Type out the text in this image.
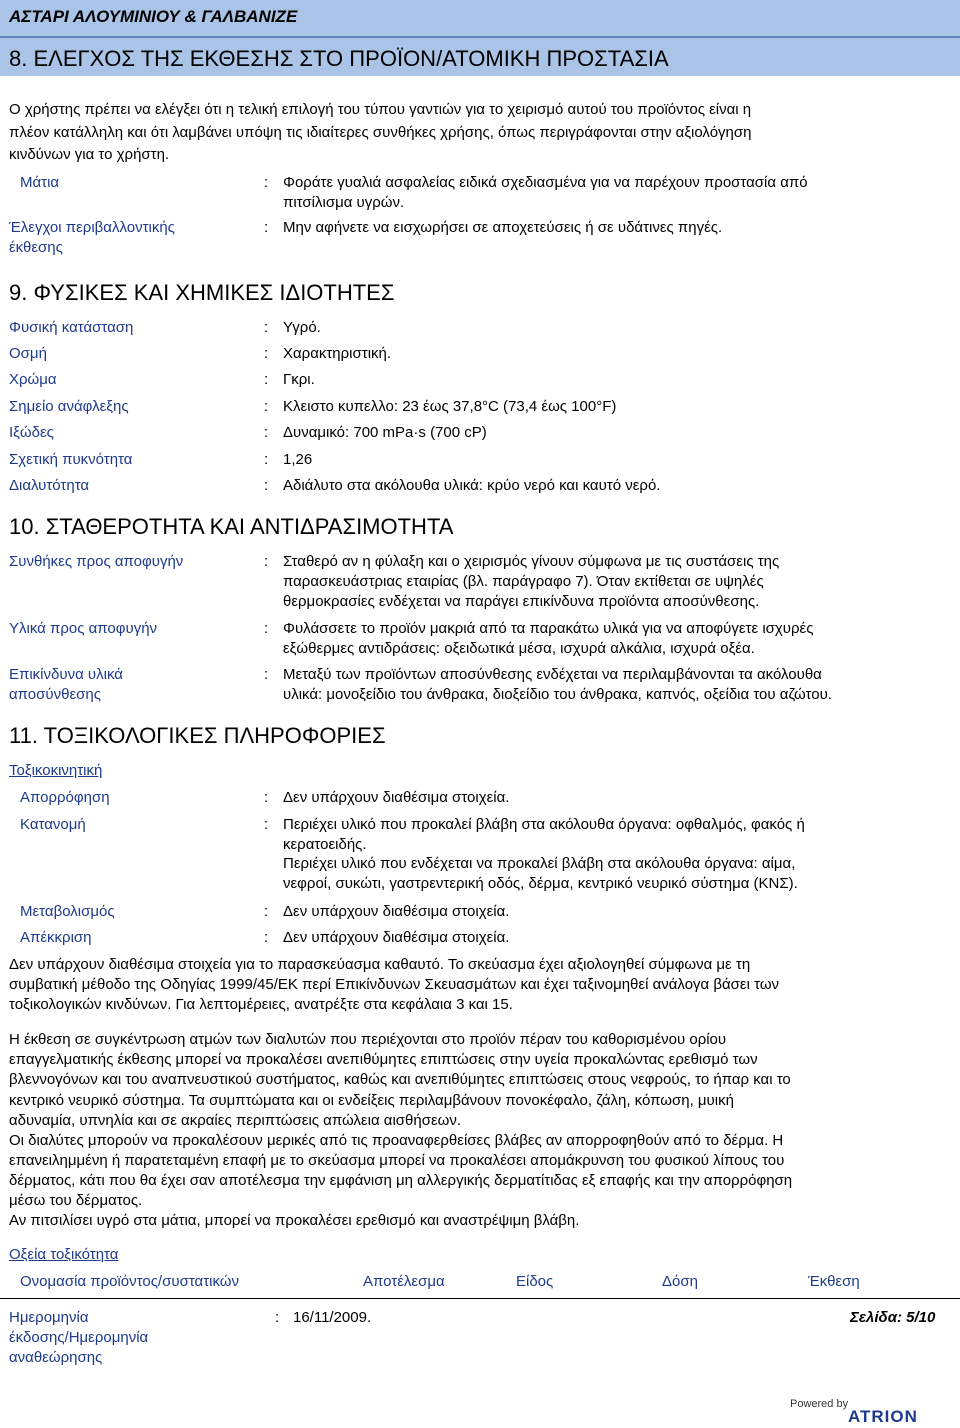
ΑΣΤΑΡΙ ΑΛΟΥΜΙΝΙΟΥ & ΓΑΛΒΑΝΙΖΕ
8. ΕΛΕΓΧΟΣ ΤΗΣ ΕΚΘΕΣΗΣ ΣΤΟ ΠΡΟΪΟΝ/ΑΤΟΜΙΚΗ ΠΡΟΣΤΑΣΙΑ
Ο χρήστης πρέπει να ελέγξει ότι η τελική επιλογή του τύπου γαντιών για το χειρισμό αυτού του προϊόντος είναι η
πλέον κατάλληλη και ότι λαμβάνει υπόψη τις ιδιαίτερες συνθήκες χρήσης, όπως περιγράφονται στην αξιολόγηση
κινδύνων για το χρήστη.
Μάτια	: Φοράτε γυαλιά ασφαλείας ειδικά σχεδιασμένα για να παρέχουν προστασία από
πιτσίλισμα υγρών.
Έλεγχοι περιβαλλοντικής
έκθεσης
: Μην αφήνετε να εισχωρήσει σε αποχετεύσεις ή σε υδάτινες πηγές.
9. ΦΥΣΙΚΕΣ ΚΑΙ ΧΗΜΙΚΕΣ ΙΔΙΟΤΗΤΕΣ
Φυσική κατάσταση	: Υγρό.
Οσμή	: Χαρακτηριστική.
Χρώμα	: Γκρι.
Σημείο ανάφλεξης	: Κλειστο κυπελλο: 23 έως 37,8°C (73,4 έως 100°F)
Ιξώδες	: Δυναμικό: 700 mPa·s (700 cP)
Σχετική πυκνότητα	: 1,26
Διαλυτότητα	: Αδιάλυτο στα ακόλουθα υλικά: κρύο νερό και καυτό νερό.
10. ΣΤΑΘΕΡΟΤΗΤΑ ΚΑΙ ΑΝΤΙΔΡΑΣΙΜΟΤΗΤΑ
Συνθήκες προς αποφυγήν	: Σταθερό αν η φύλαξη και ο χειρισμός γίνουν σύμφωνα με τις συστάσεις της
παρασκευάστριας εταιρίας (βλ. παράγραφο 7). Όταν εκτίθεται σε υψηλές
θερμοκρασίες ενδέχεται να παράγει επικίνδυνα προϊόντα αποσύνθεσης.
Υλικά προς αποφυγήν	: Φυλάσσετε το προϊόν μακριά από τα παρακάτω υλικά για να αποφύγετε ισχυρές
εξώθερμες αντιδράσεις: οξειδωτικά μέσα, ισχυρά αλκάλια, ισχυρά οξέα.
Επικίνδυνα υλικά
αποσύνθεσης
: Μεταξύ των προϊόντων αποσύνθεσης ενδέχεται να περιλαμβάνονται τα ακόλουθα
υλικά: μονοξείδιο του άνθρακα, διοξείδιο του άνθρακα, καπνός, οξείδια του αζώτου.
11. ΤΟΞΙΚΟΛΟΓΙΚΕΣ ΠΛΗΡΟΦΟΡΙΕΣ
Τοξικοκινητική
Απορρόφηση	: Δεν υπάρχουν διαθέσιμα στοιχεία.
Κατανομή	: Περιέχει υλικό που προκαλεί βλάβη στα ακόλουθα όργανα: οφθαλμός, φακός ή
κερατοειδής.
Περιέχει υλικό που ενδέχεται να προκαλεί βλάβη στα ακόλουθα όργανα: αίμα,
νεφροί, συκώτι, γαστρεντερική οδός, δέρμα, κεντρικό νευρικό σύστημα (ΚΝΣ).
Μεταβολισμός	: Δεν υπάρχουν διαθέσιμα στοιχεία.
Απέκκριση	: Δεν υπάρχουν διαθέσιμα στοιχεία.
Δεν υπάρχουν διαθέσιμα στοιχεία για το παρασκεύασμα καθαυτό. Το σκεύασμα έχει αξιολογηθεί σύμφωνα με τη
συμβατική μέθοδο της Οδηγίας 1999/45/ΕΚ περί Επικίνδυνων Σκευασμάτων και έχει ταξινομηθεί ανάλογα βάσει των
τοξικολογικών κινδύνων. Για λεπτομέρειες, ανατρέξτε στα κεφάλαια 3 και 15.
Η έκθεση σε συγκέντρωση ατμών των διαλυτών που περιέχονται στο προϊόν πέραν του καθορισμένου ορίου
επαγγελματικής έκθεσης μπορεί να προκαλέσει ανεπιθύμητες επιπτώσεις στην υγεία προκαλώντας ερεθισμό των
βλεννογόνων και του αναπνευστικού συστήματος, καθώς και ανεπιθύμητες επιπτώσεις στους νεφρούς, το ήπαρ και το
κεντρικό νευρικό σύστημα. Τα συμπτώματα και οι ενδείξεις περιλαμβάνουν πονοκέφαλο, ζάλη, κόπωση, μυική
αδυναμία, υπνηλία και σε ακραίες περιπτώσεις απώλεια αισθήσεων.
Οι διαλύτες μπορούν να προκαλέσουν μερικές από τις προαναφερθείσες βλάβες αν απορροφηθούν από το δέρμα. Η
επανειλημμένη ή παρατεταμένη επαφή με το σκεύασμα μπορεί να προκαλέσει απομάκρυνση του φυσικού λίπους του
δέρματος, κάτι που θα έχει σαν αποτέλεσμα την εμφάνιση μη αλλεργικής δερματίτιδας εξ επαφής και την απορρόφηση
μέσω του δέρματος.
Αν πιτσιλίσει υγρό στα μάτια, μπορεί να προκαλέσει ερεθισμό και αναστρέψιμη βλάβη.
Οξεία τοξικότητα
Ονομασία προϊόντος/συστατικών	Αποτέλεσμα	Είδος	Δόση	Έκθεση
Ημερομηνία
έκδοσης/Ημερομηνία
αναθεώρησης
: 16/11/2009.	Σελίδα: 5/10
Powered by
ATRION
